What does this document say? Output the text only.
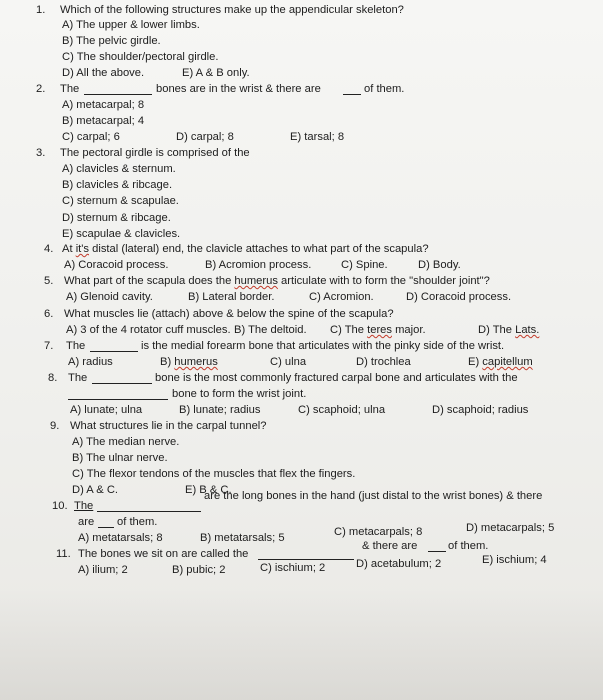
1. Which of the following structures make up the appendicular skeleton?
A) The upper & lower limbs.
B) The pelvic girdle.
C) The shoulder/pectoral girdle.
D) All the above.	E) A & B only.
2. The	bones are in the wrist & there are	of them.
A) metacarpal; 8
B) metacarpal; 4
C) carpal; 6	D) carpal; 8	E) tarsal; 8
3. The pectoral girdle is comprised of the
A) clavicles & sternum.
B) clavicles & ribcage.
C) sternum & scapulae.
D) sternum & ribcage.
E) scapulae & clavicles.
4. At it's distal (lateral) end, the clavicle attaches to what part of the scapula?
A) Coracoid process.	B) Acromion process.	C) Spine.	D) Body.
5. What part of the scapula does the humerus articulate with to form the "shoulder joint"?
A) Glenoid cavity.	B) Lateral border.	C) Acromion.	D) Coracoid process.
6. What muscles lie (attach) above & below the spine of the scapula?
A) 3 of the 4 rotator cuff muscles. B) The deltoid. C) The teres major.	D) The Lats.
7. The	is the medial forearm bone that articulates with the pinky side of the wrist.
A) radius	B) humerus	C) ulna	D) trochlea	E) capitellum
8. The	bone is the most commonly fractured carpal bone and articulates with the
bone to form the wrist joint.
A) lunate; ulna	B) lunate; radius	C) scaphoid; ulna	D) scaphoid; radius
9. What structures lie in the carpal tunnel?
A) The median nerve.
B) The ulnar nerve.
C) The flexor tendons of the muscles that flex the fingers.
D) A & C.	E) B & C.
10. The
are the long bones in the hand (just distal to the wrist bones) & there
are of them.
A) metatarsals; 8	B) metatarsals; 5	C) metacarpals; 8	D) metacarpals; 5
11. The bones we sit on are called the
& there are	of them.
A) ilium; 2	B) pubic; 2	C) ischium; 2	D) acetabulum; 2	E) ischium; 4
